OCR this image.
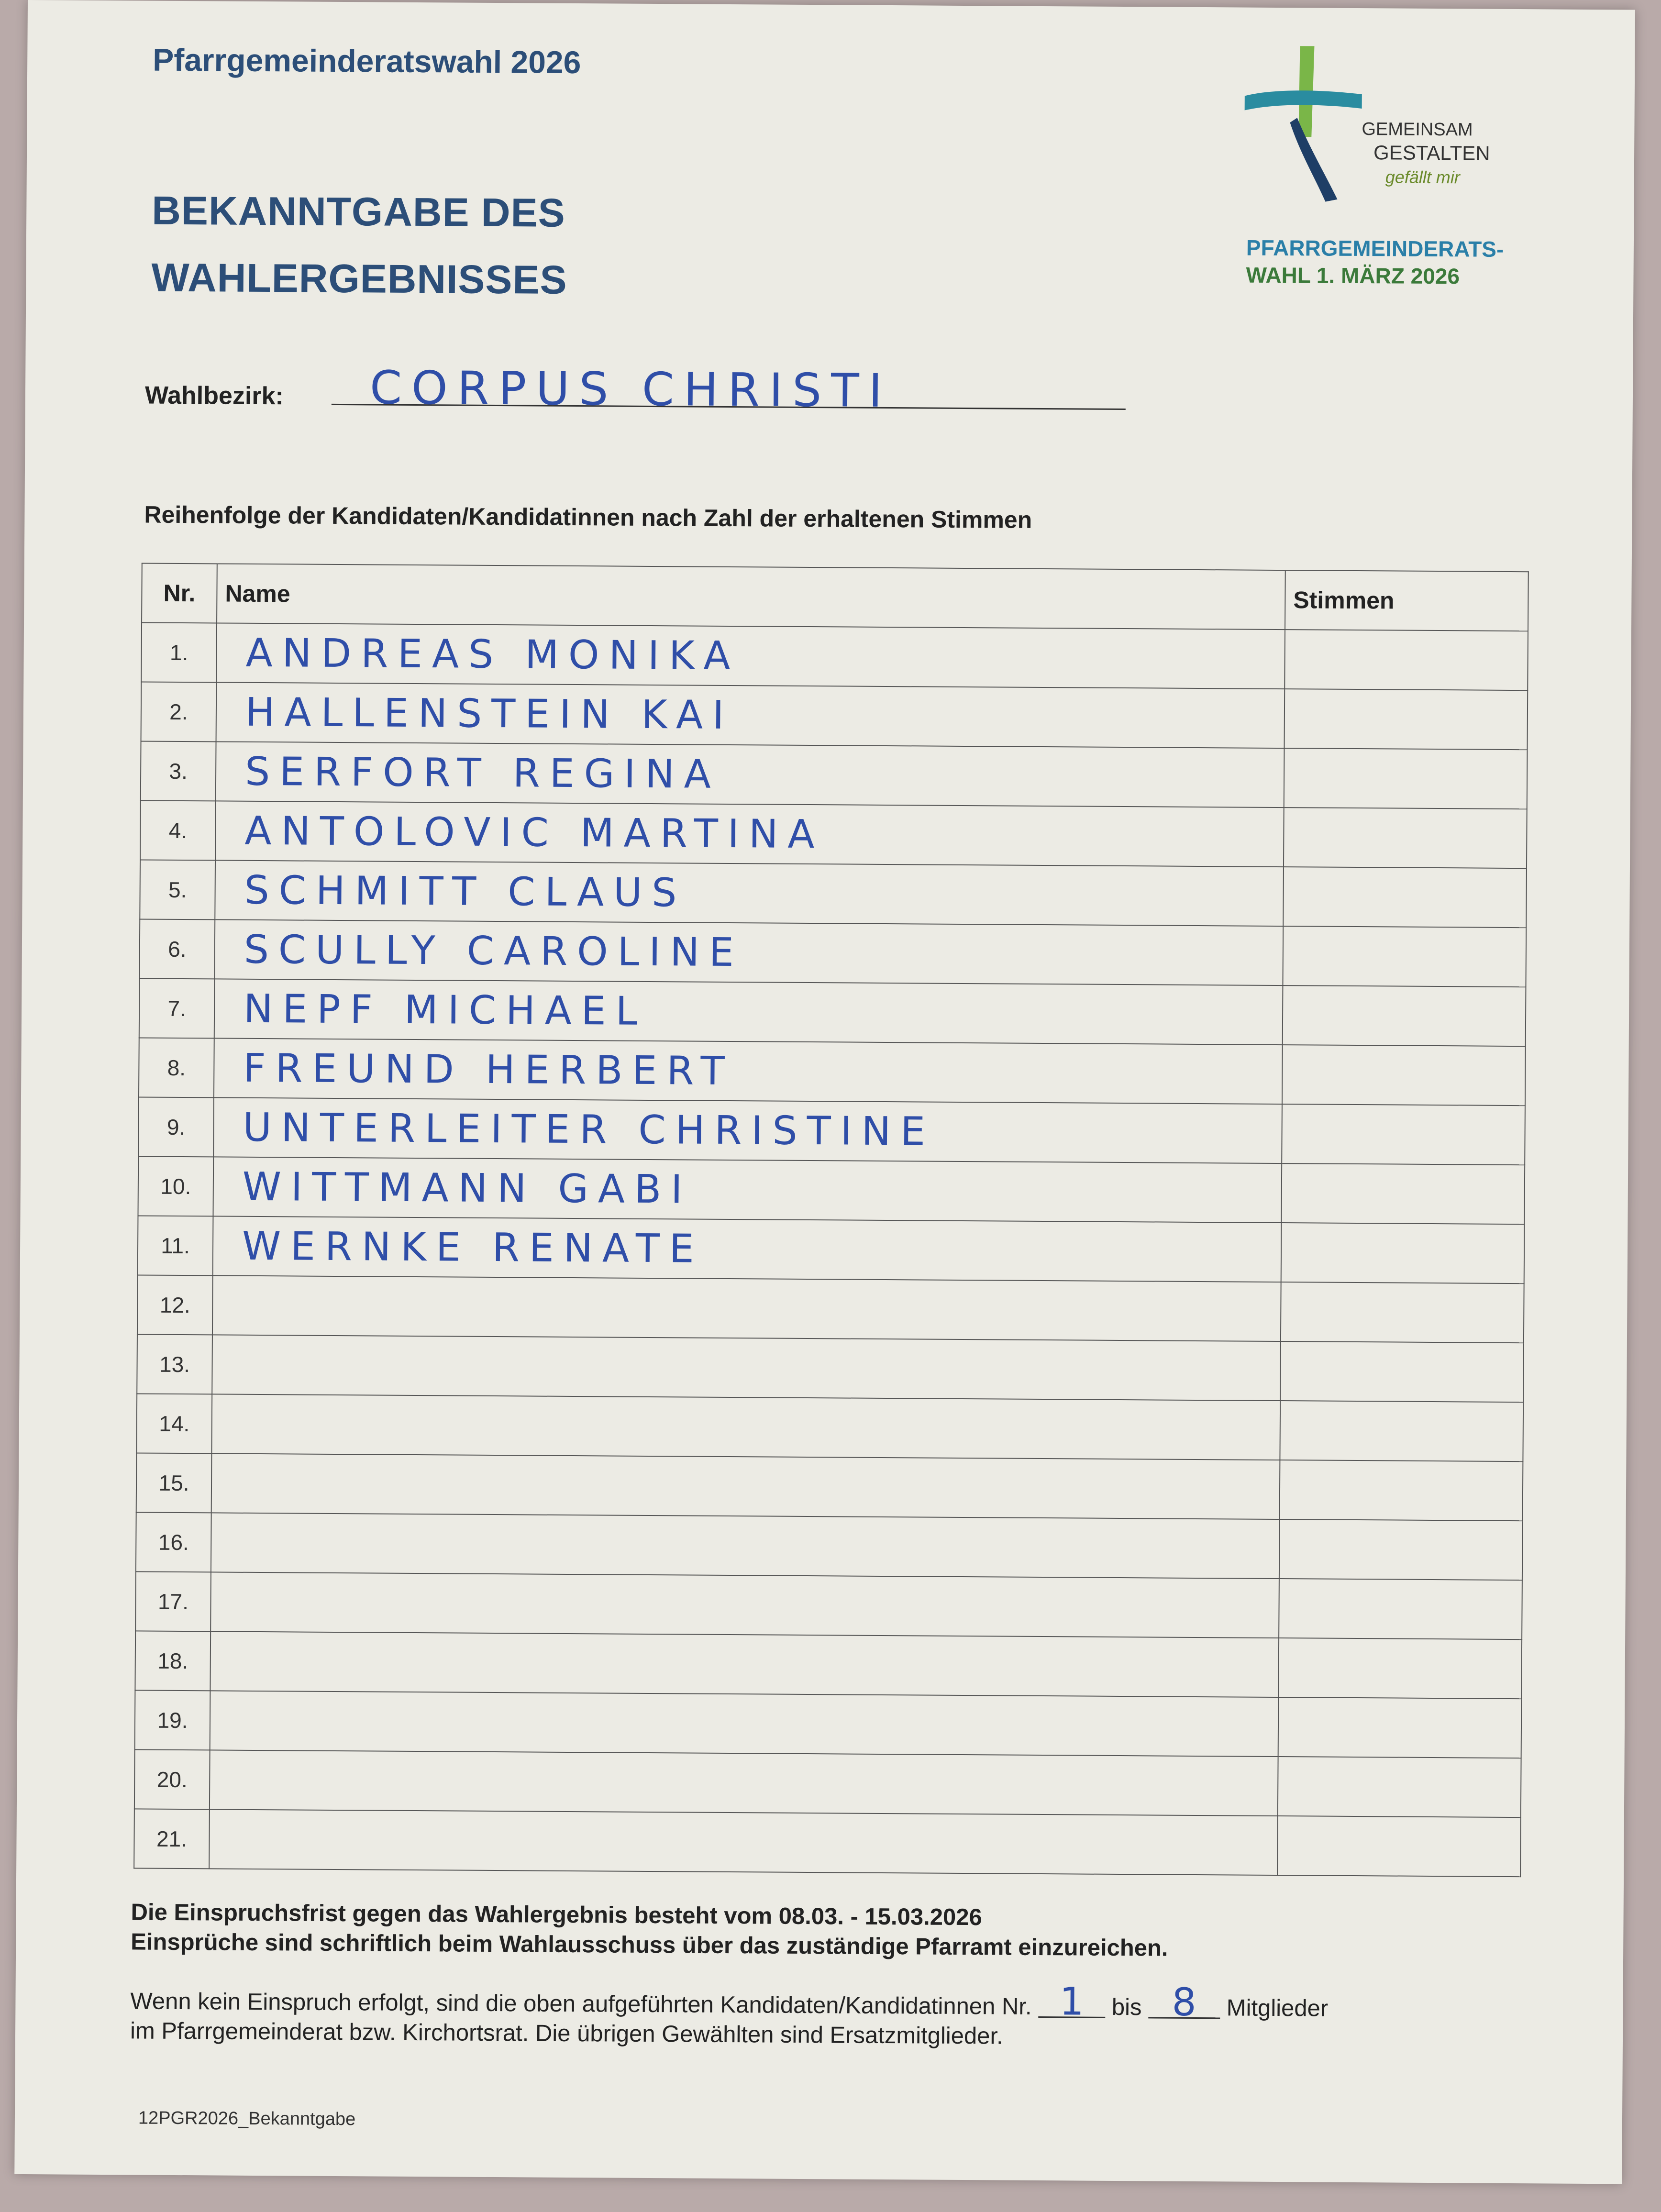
Pfarrgemeinderatswahl 2026
BEKANNTGABE DES
WAHLERGEBNISSES
GEMEINSAM
GESTALTEN
gefällt mir
PFARRGEMEINDERATS-
WAHL 1. MÄRZ 2026
Wahlbezirk: CORPUS CHRISTI
Reihenfolge der Kandidaten/Kandidatinnen nach Zahl der erhaltenen Stimmen
Nr.	Name	Stimmen
1.	ANDREAS MONIKA	
2.	HALLENSTEIN KAI	
3.	SERFORT REGINA	
4.	ANTOLOVIC MARTINA	
5.	SCHMITT CLAUS	
6.	SCULLY CAROLINE	
7.	NEPF MICHAEL	
8.	FREUND HERBERT	
9.	UNTERLEITER CHRISTINE	
10.	WITTMANN GABI	
11.	WERNKE RENATE	
12.		
13.		
14.		
15.		
16.		
17.		
18.		
19.		
20.		
21.		
Die Einspruchsfrist gegen das Wahlergebnis besteht vom 08.03. - 15.03.2026
Einsprüche sind schriftlich beim Wahlausschuss über das zuständige Pfarramt einzureichen.
Wenn kein Einspruch erfolgt, sind die oben aufgeführten Kandidaten/Kandidatinnen Nr. 1 bis 8 Mitglieder
im Pfarrgemeinderat bzw. Kirchortsrat. Die übrigen Gewählten sind Ersatzmitglieder.
12PGR2026_Bekanntgabe
